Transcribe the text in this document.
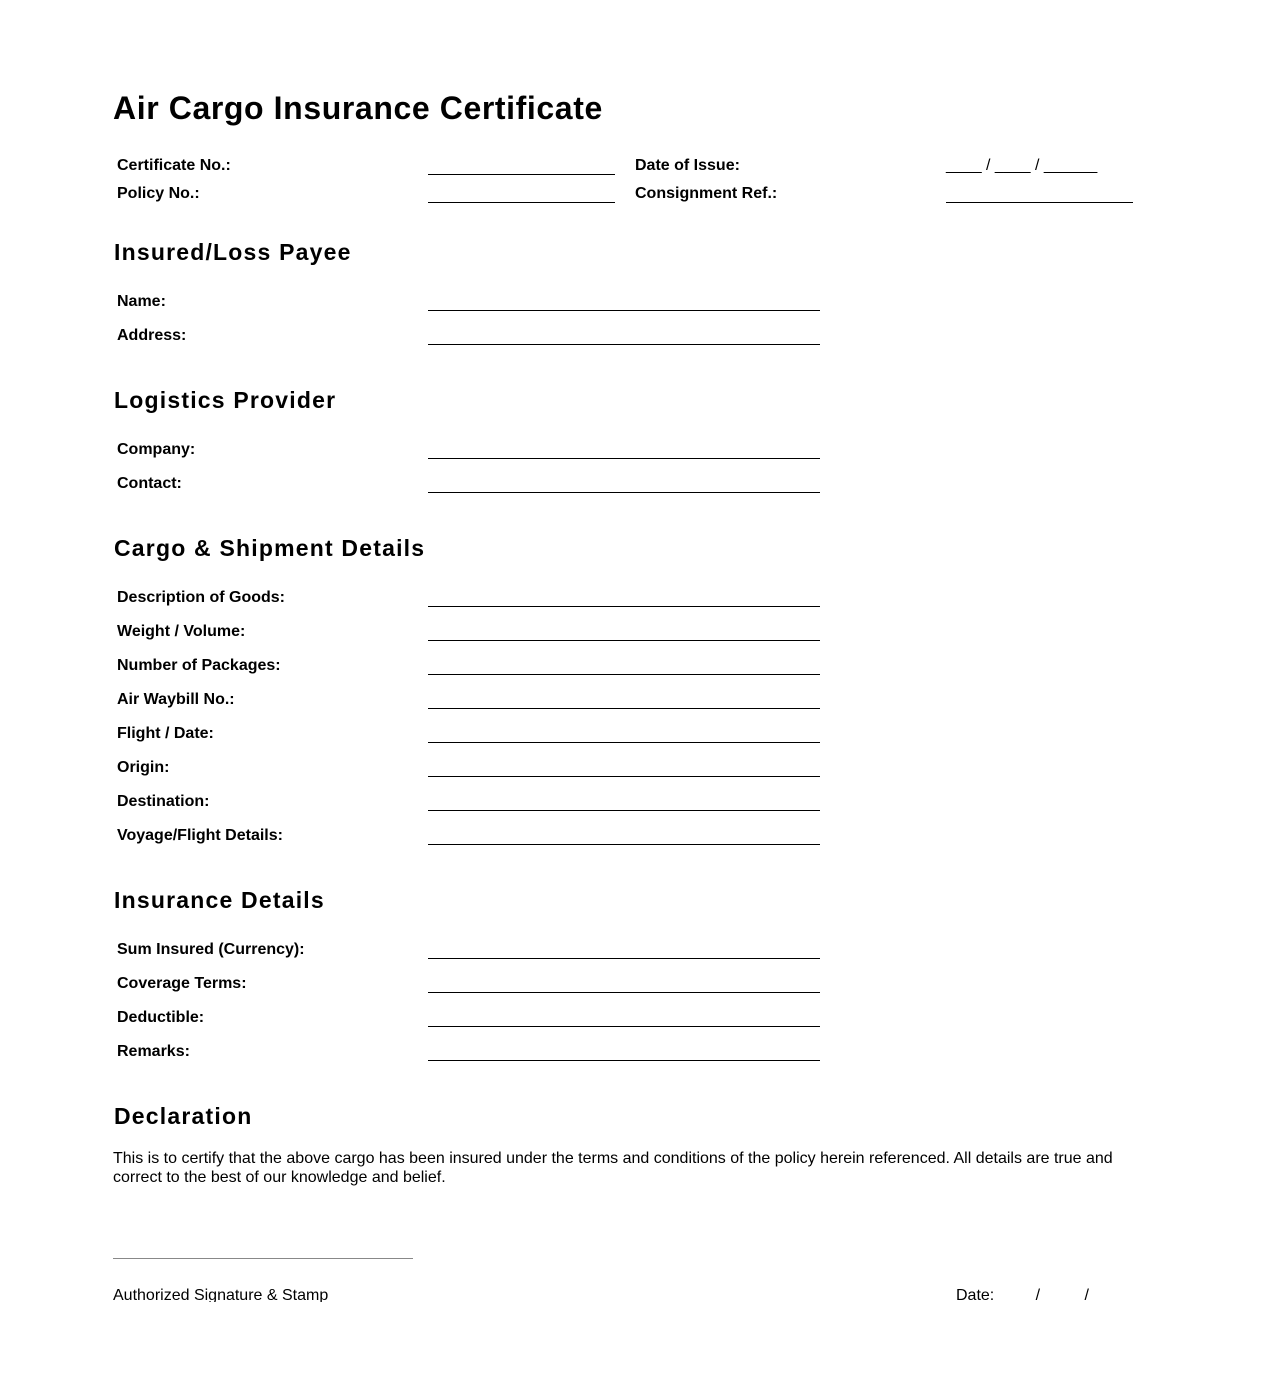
Air Cargo Insurance Certificate
Certificate No.:
Policy No.:
Date of Issue:	____ / ____ / ______
Consignment Ref.:
Insured/Loss Payee
Name:
Address:
Logistics Provider
Company:
Contact:
Cargo & Shipment Details
Description of Goods:
Weight / Volume:
Number of Packages:
Air Waybill No.:
Flight / Date:
Origin:
Destination:
Voyage/Flight Details:
Insurance Details
Sum Insured (Currency):
Coverage Terms:
Deductible:
Remarks:
Declaration

This is to certify that the above cargo has been insured under the terms and conditions of the policy herein referenced. All details are true and correct to the best of our knowledge and belief.

Authorized Signature & Stamp	Date: /          /
